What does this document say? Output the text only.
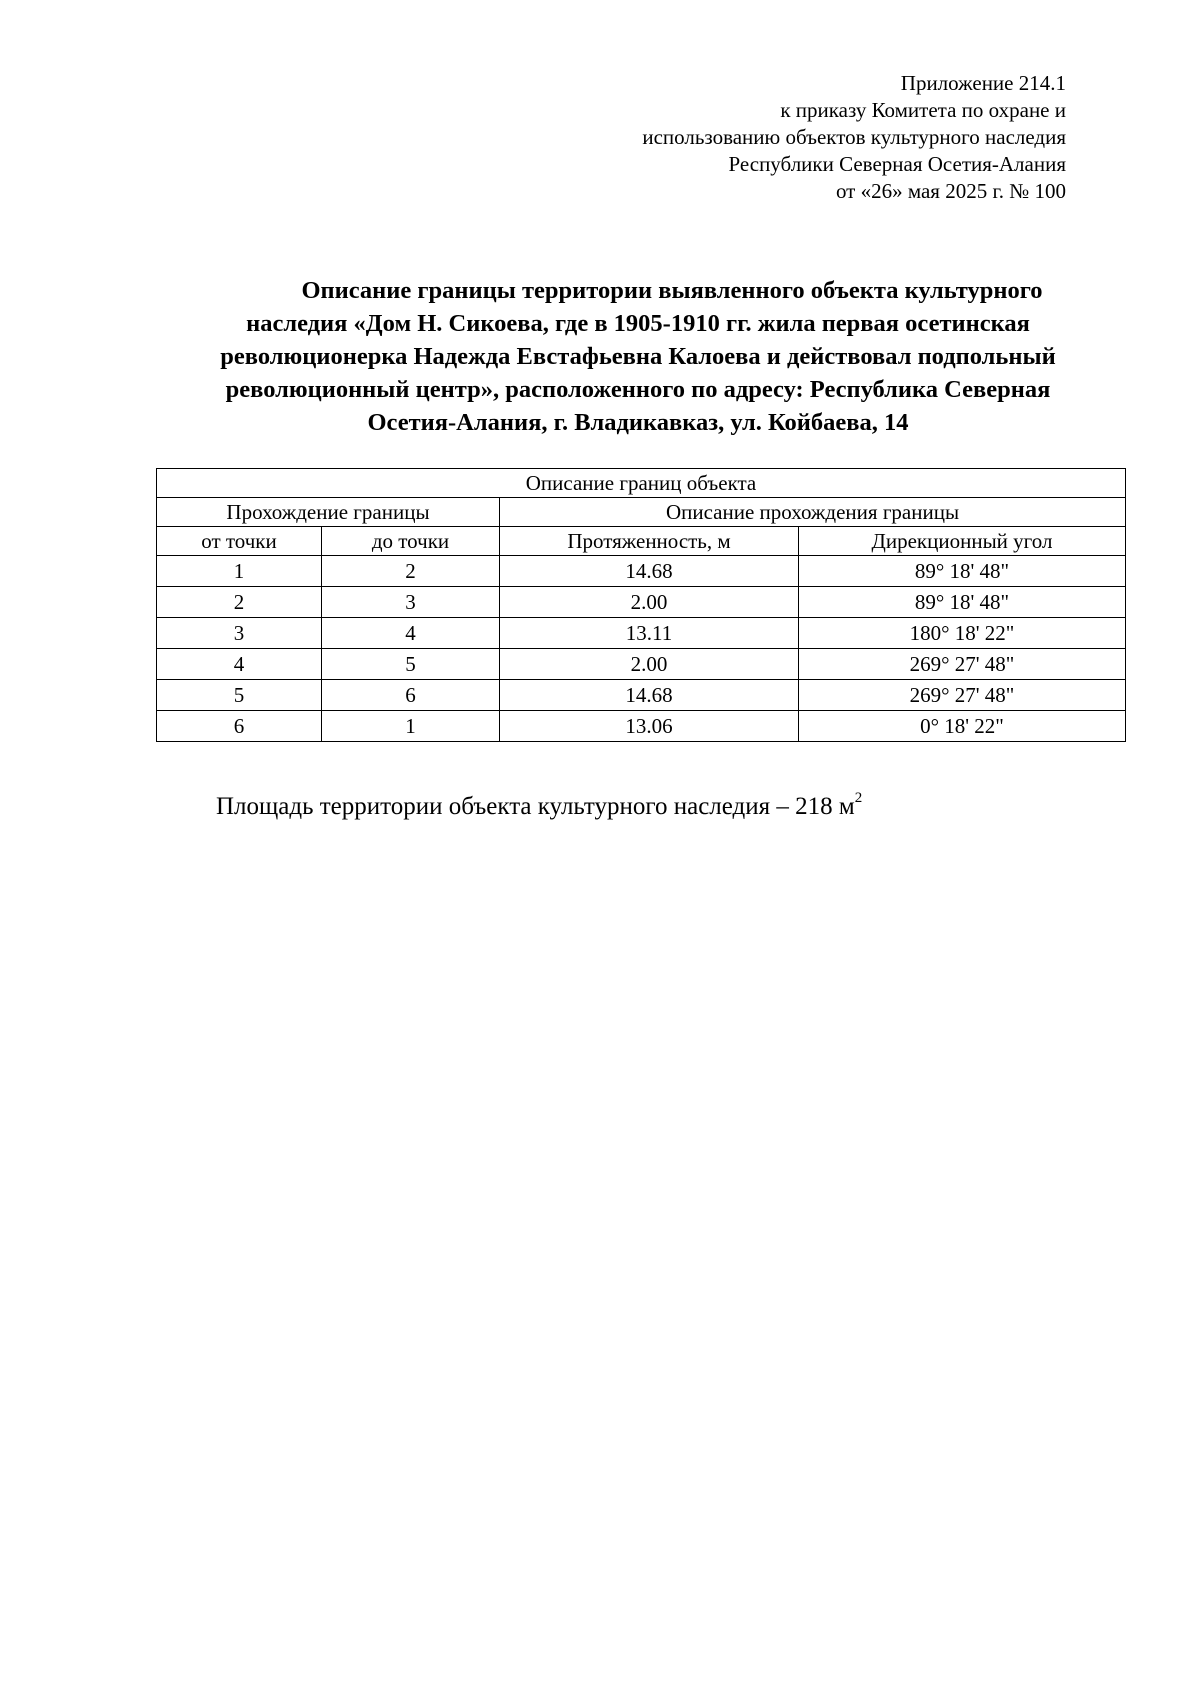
Приложение 214.1
к приказу Комитета по охране и
использованию объектов культурного наследия
Республики Северная Осетия-Алания
от «26» мая 2025 г. № 100
Описание границы территории выявленного объекта культурного
наследия «Дом Н. Сикоева, где в 1905-1910 гг. жила первая осетинская
революционерка Надежда Евстафьевна Калоева и действовал подпольный
революционный центр», расположенного по адресу: Республика Северная
Осетия-Алания, г. Владикавказ, ул. Койбаева, 14
Описание границ объекта			
Прохождение границы		Описание прохождения границы	
от точки	до точки	Протяженность, м	Дирекционный угол
1	2	14.68	89° 18' 48"
2	3	2.00	89° 18' 48"
3	4	13.11	180° 18' 22"
4	5	2.00	269° 27' 48"
5	6	14.68	269° 27' 48"
6	1	13.06	0° 18' 22"
Площадь территории объекта культурного наследия – 218 $м^2$
